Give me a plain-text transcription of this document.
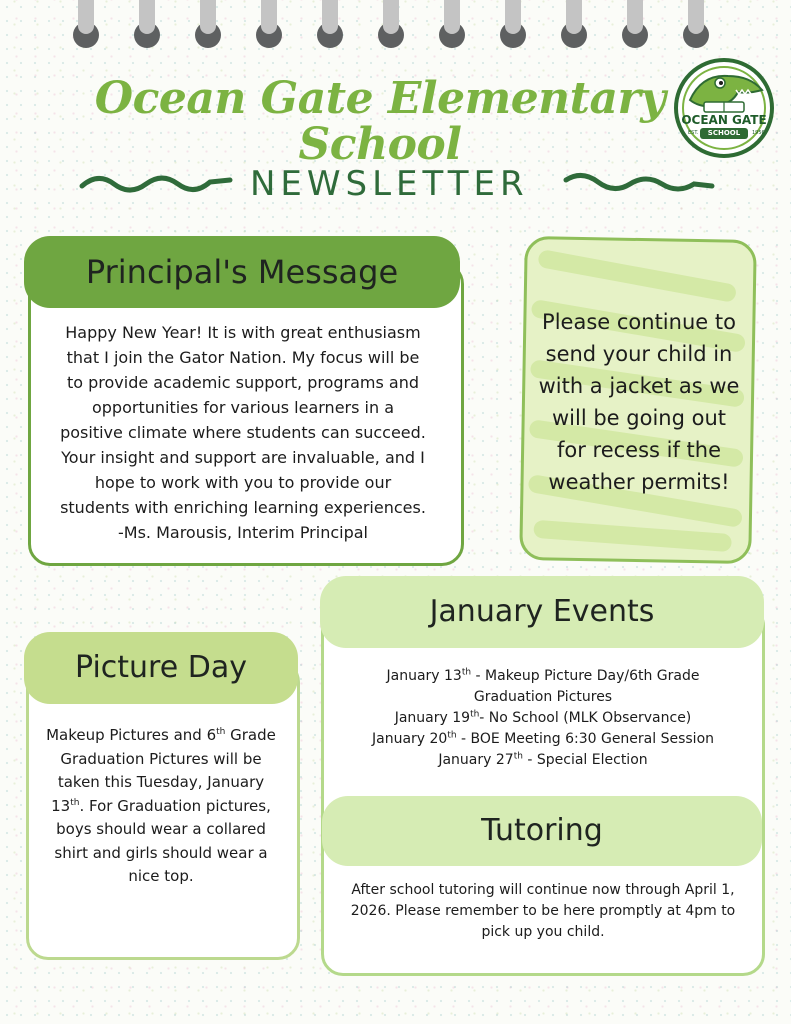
Ocean Gate Elementary
School
NEWSLETTER
OCEAN GATE
SCHOOL
EST.	1956
Principal's Message
Happy New Year! It is with great enthusiasm
that I join the Gator Nation. My focus will be
to provide academic support, programs and
opportunities for various learners in a
positive climate where students can succeed.
Your insight and support are invaluable, and I
hope to work with you to provide our
students with enriching learning experiences.
-Ms. Marousis, Interim Principal
Please continue to
send your child in
with a jacket as we
will be going out
for recess if the
weather permits!
January Events
January 13th - Makeup Picture Day/6th Grade
Graduation Pictures
January 19th- No School (MLK Observance)
January 20th - BOE Meeting 6:30 General Session
January 27th - Special Election
Tutoring
After school tutoring will continue now through April 1,
2026. Please remember to be here promptly at 4pm to
pick up you child.
Picture Day
Makeup Pictures and 6th Grade
Graduation Pictures will be
taken this Tuesday, January
13th. For Graduation pictures,
boys should wear a collared
shirt and girls should wear a
nice top.
